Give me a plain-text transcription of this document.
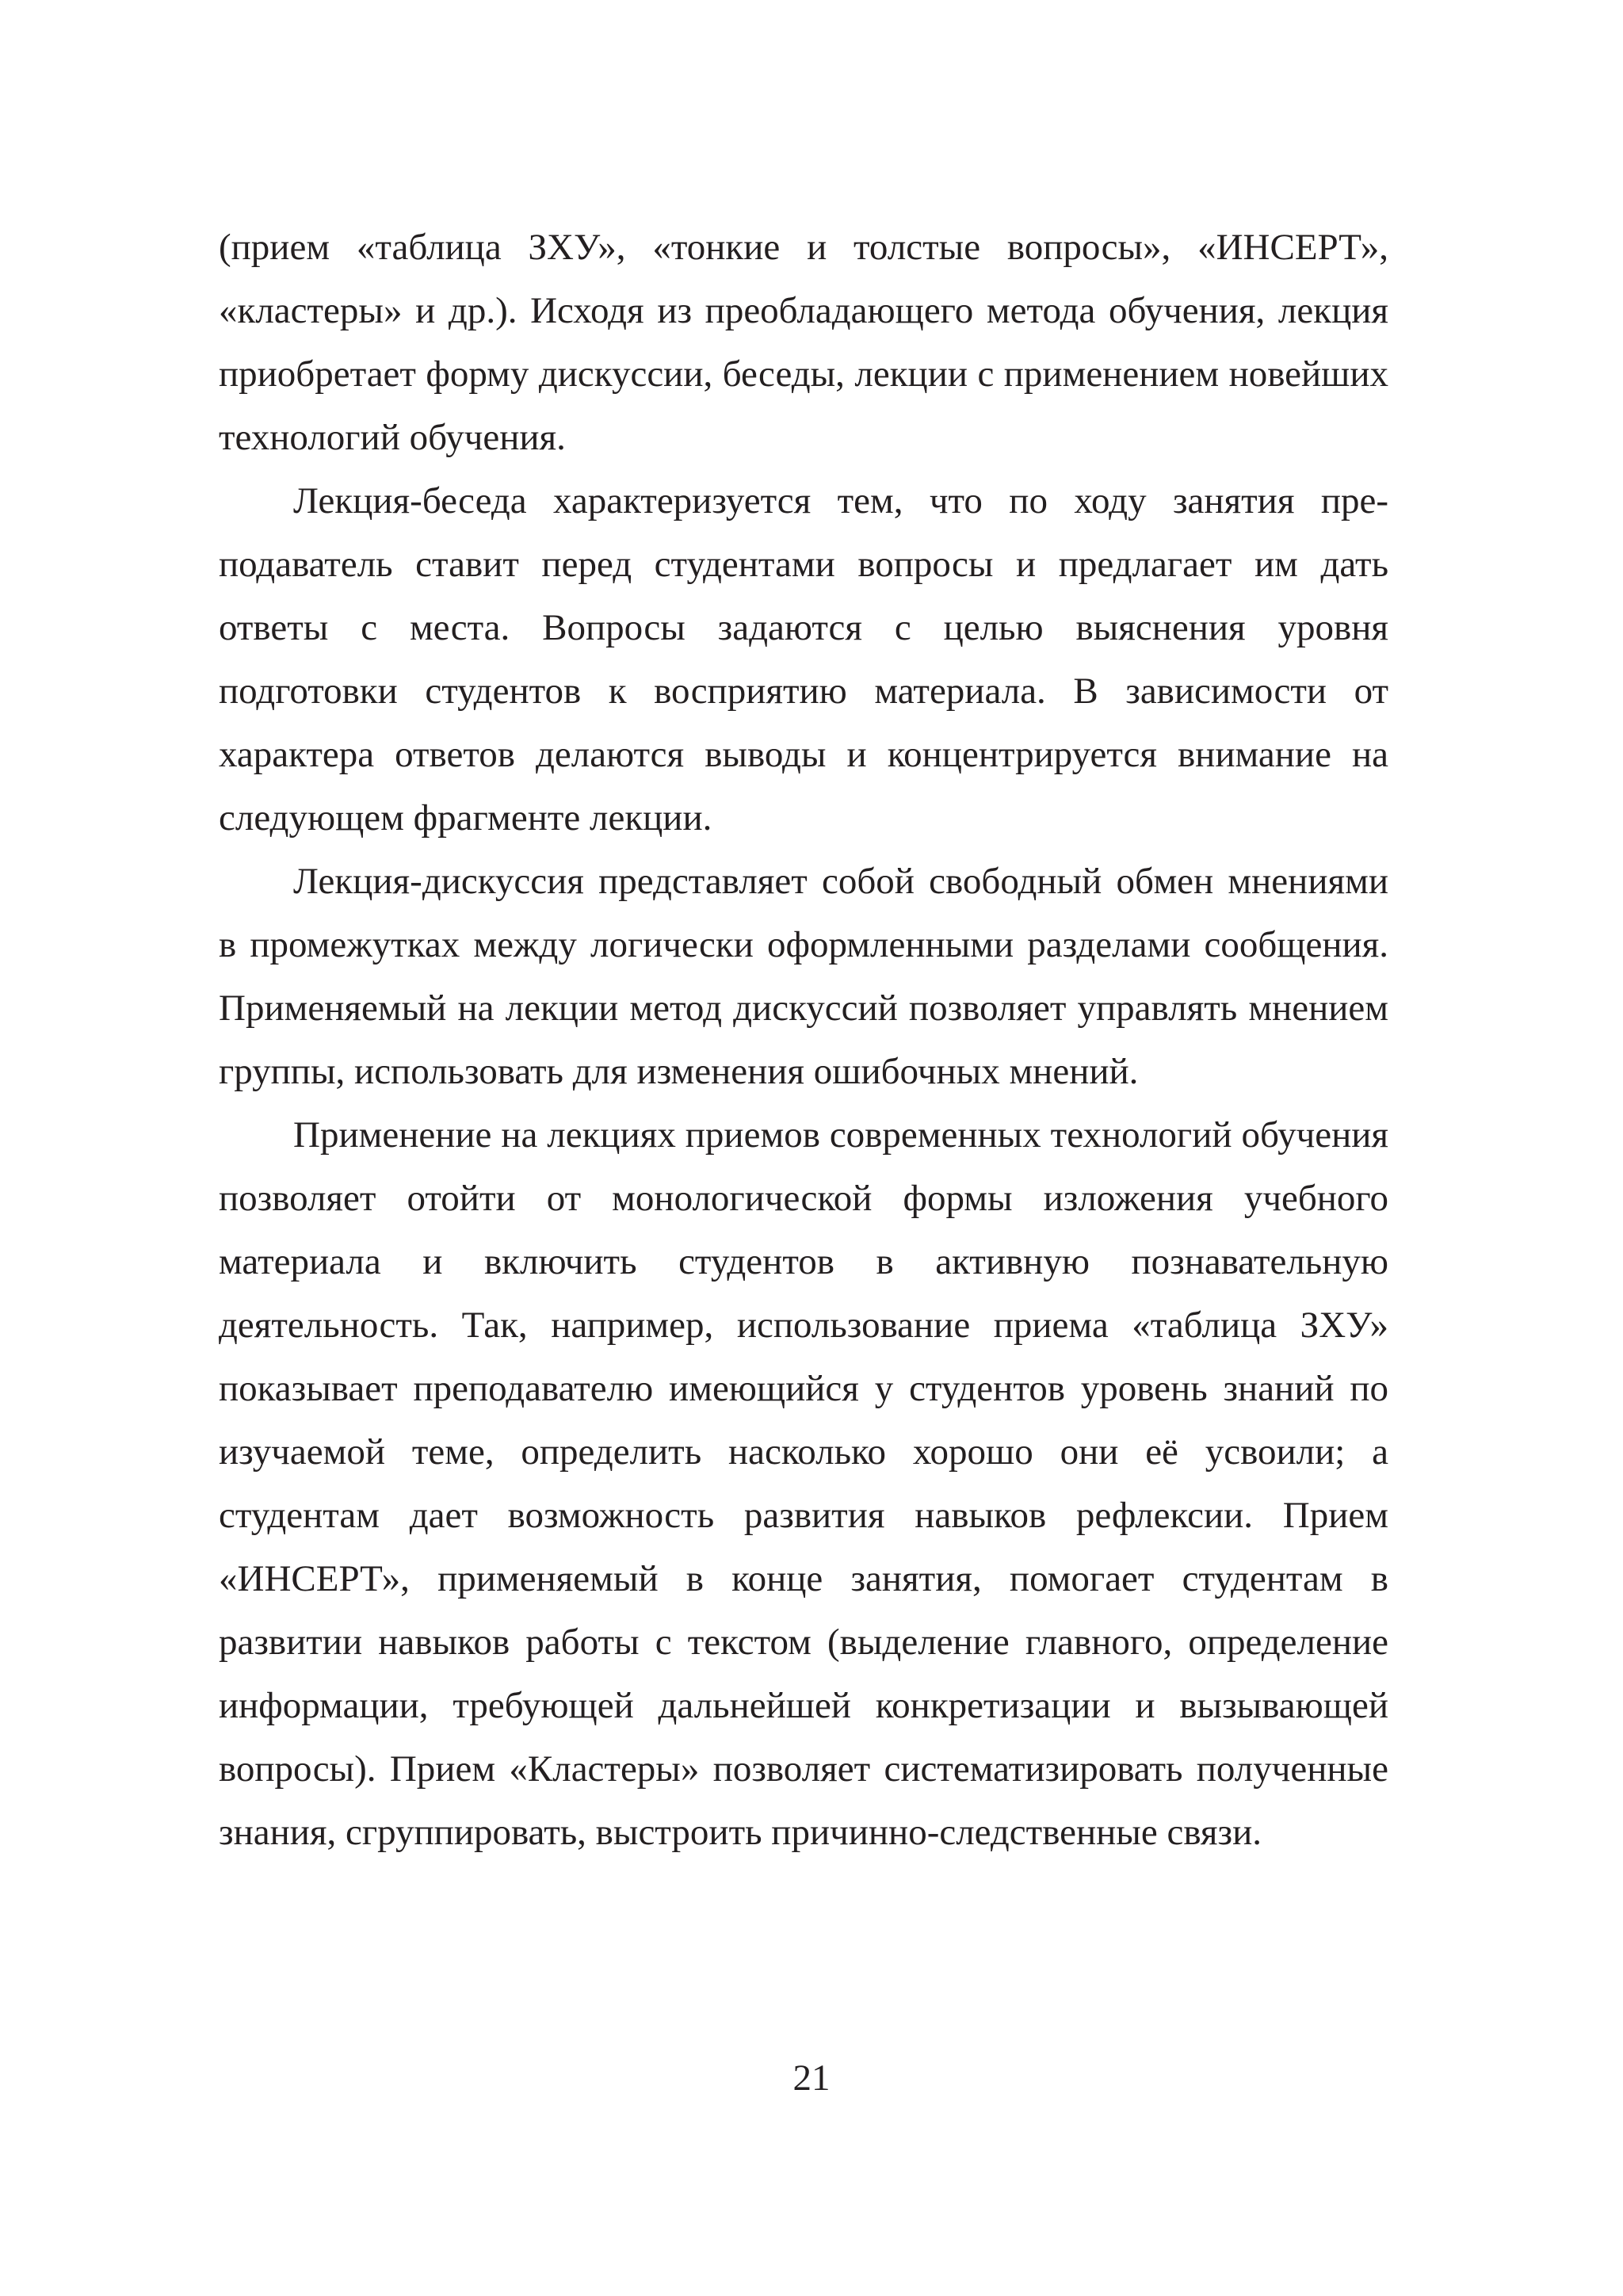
(прием «таблица ЗХУ», «тонкие и толстые вопросы», «ИНСЕРТ», «кластеры» и др.). Исходя из преобладающего метода обучения, лекция приобретает форму дискуссии, беседы, лекции с применением новейших технологий обучения.

Лекция-беседа характеризуется тем, что по ходу занятия преподаватель ставит перед студентами вопросы и предлагает им дать ответы с места. Вопросы задаются с целью выяснения уровня подготовки студентов к восприятию материала. В зависимости от характера ответов делаются выводы и концентрируется внимание на следующем фрагменте лекции.

Лекция-дискуссия представляет собой свободный обмен мнениями в промежутках между логически оформленными разделами сообщения. Применяемый на лекции метод дискуссий позволяет управлять мнением группы, использовать для изменения ошибочных мнений.

Применение на лекциях приемов современных технологий обучения позволяет отойти от монологической формы изложения учебного материала и включить студентов в активную познавательную деятельность. Так, например, использование приема «таблица ЗХУ» показывает преподавателю имеющийся у студентов уровень знаний по изучаемой теме, определить насколько хорошо они её усвоили; а студентам дает возможность развития навыков рефлексии. Прием «ИНСЕРТ», применяемый в конце занятия, помогает студентам в развитии навыков работы с текстом (выделение главного, определение информации, требующей дальнейшей конкретизации и вызывающей вопросы). Прием «Кластеры» позволяет систематизировать полученные знания, сгруппировать, выстроить причинно-следственные связи.

21
